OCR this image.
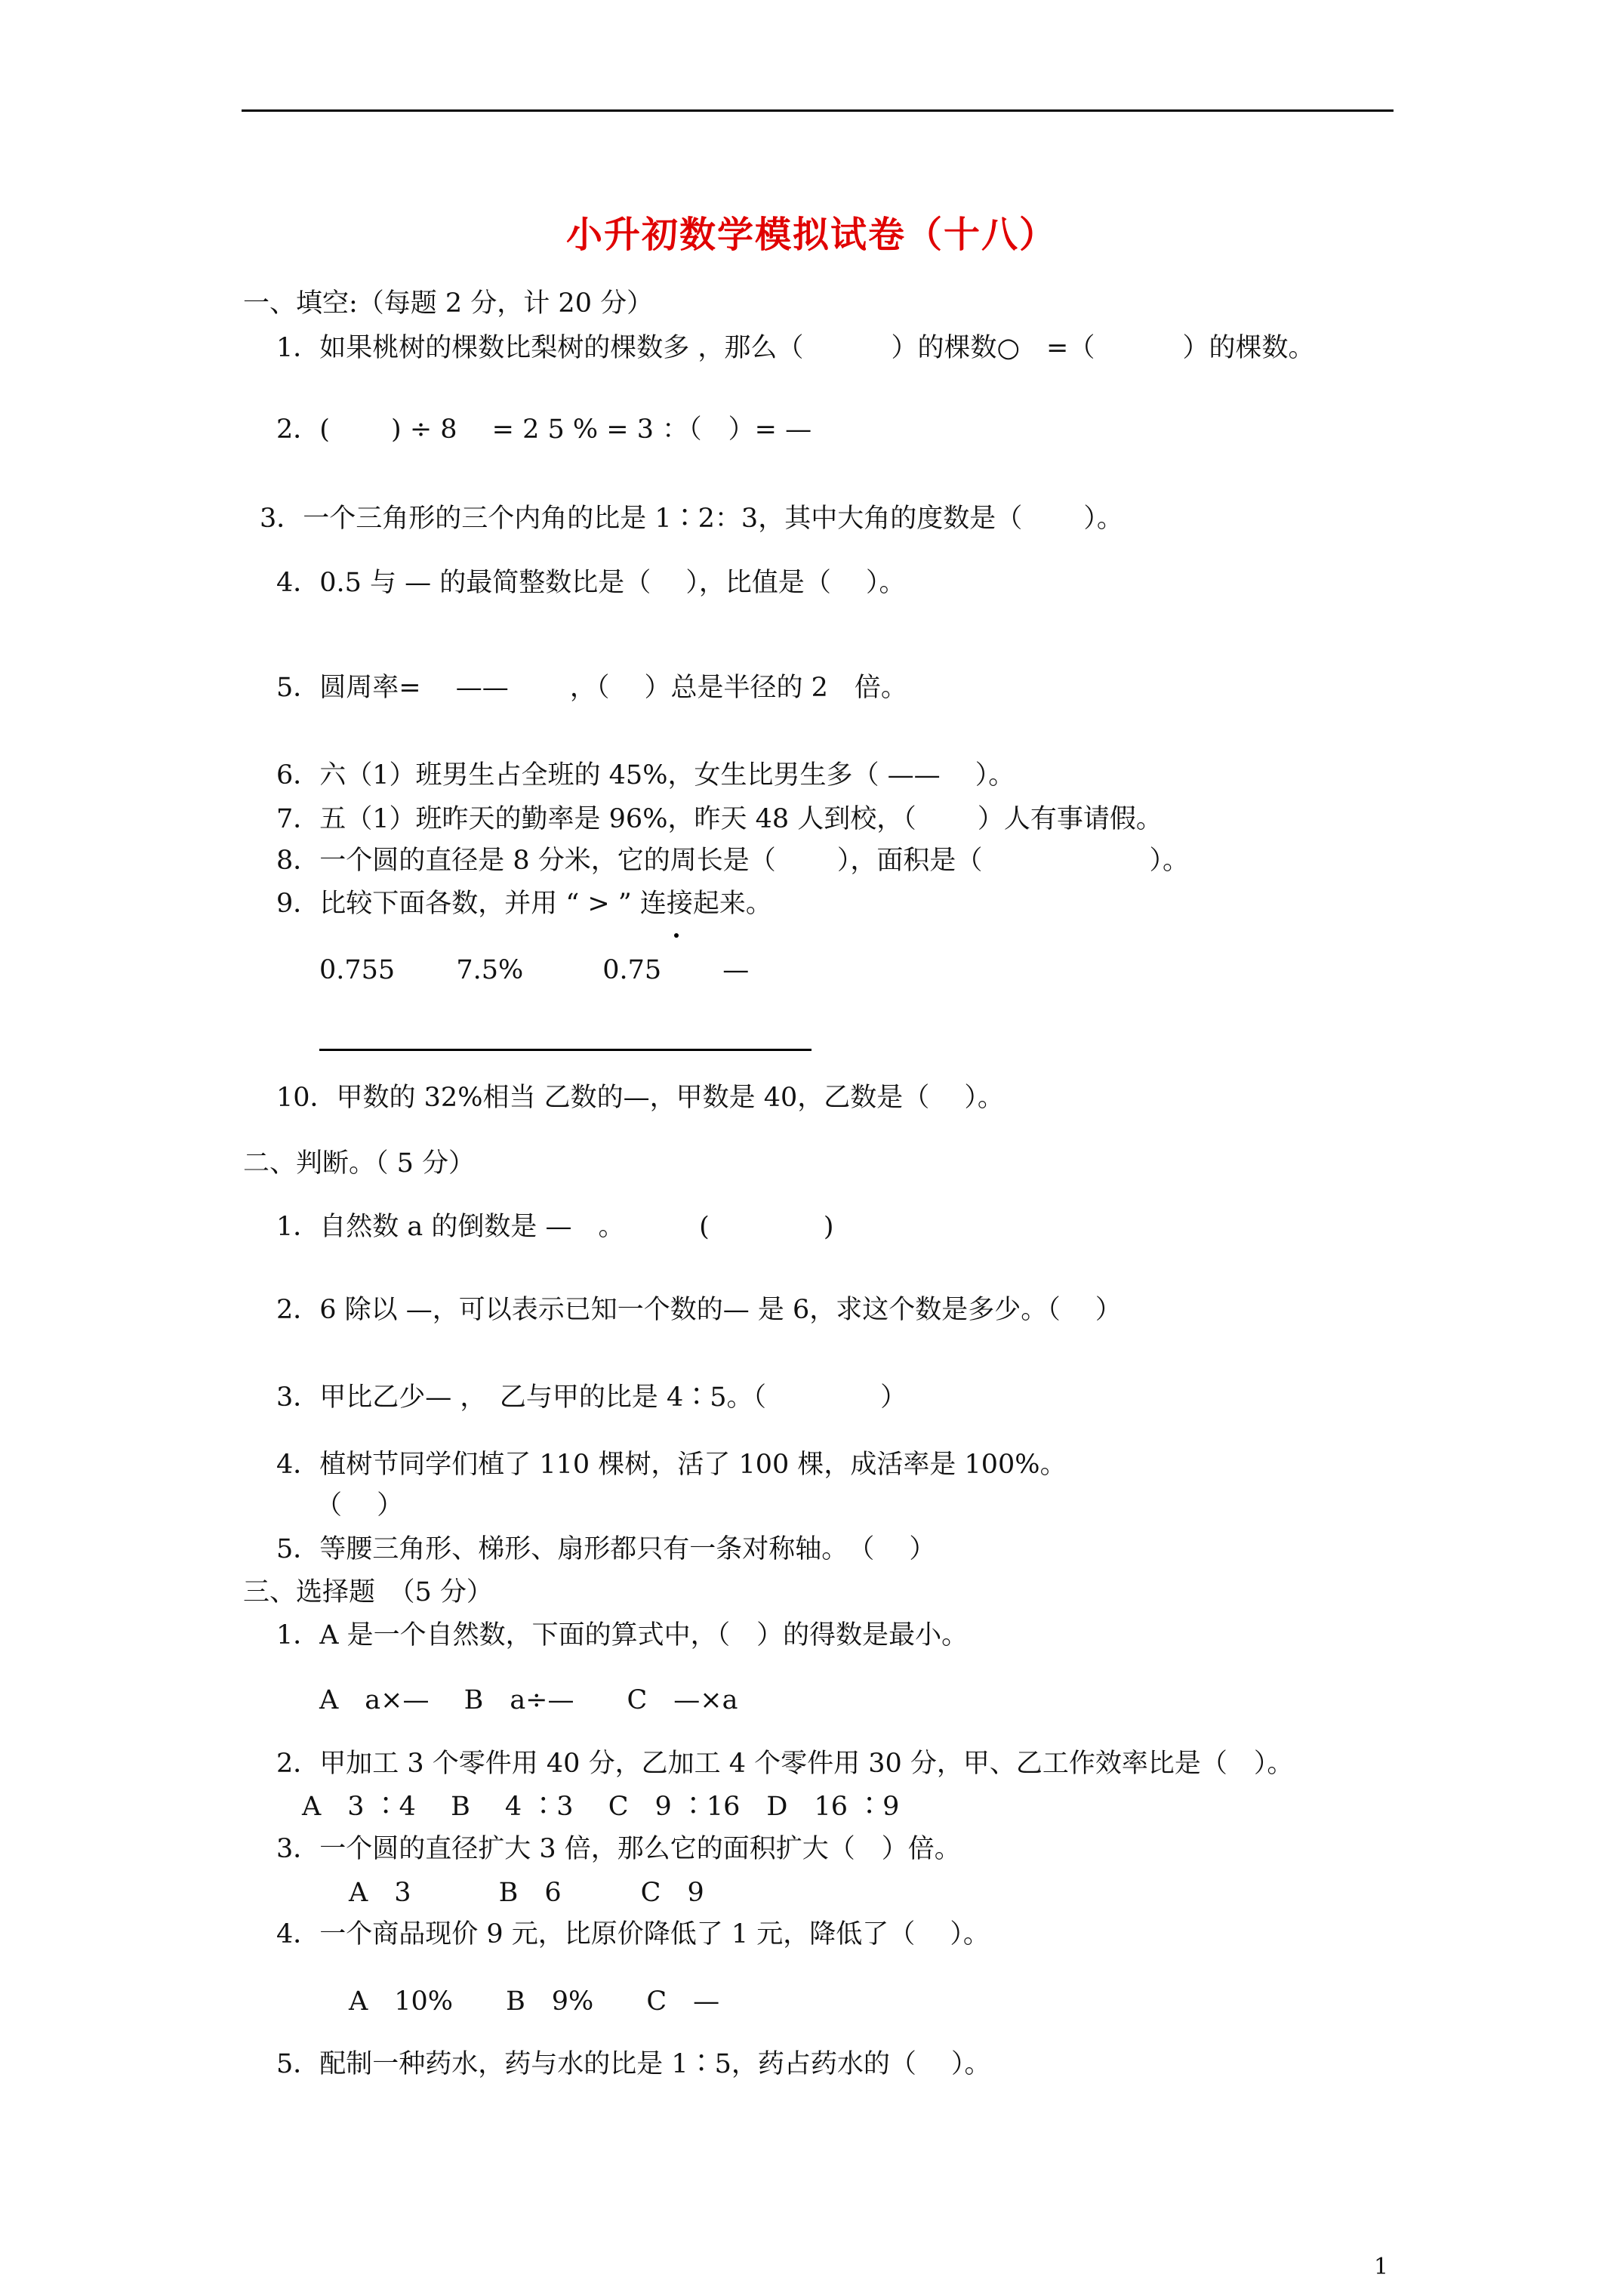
小升初数学模拟试卷（十八）
一、填空:（每题 2 分，计 20 分）
1．如果桃树的棵数比梨树的棵数多 ，那么（　　　 ）的棵数○　=（　　　 ）的棵数。
2．(　　 ) ÷ 8　 = 2 5 % = 3 ：（　）= —
3．一个三角形的三个内角的比是 1∶2：3，其中大角的度数是（　　 ）。
4．0.5 与 — 的最简整数比是（　 ），比值是（　 ）。
5．圆周率=　 ——　　 ，（　 ）总是半径的 2　倍。
6．六（1）班男生占全班的 45%，女生比男生多（ ——　 ）。
7．五（1）班昨天的勤率是 96%，昨天 48 人到校，（　　 ）人有事请假。
8．一个圆的直径是 8 分米，它的周长是（　　 ），面积是（　　　　　　 ）。
9．比较下面各数，并用 “ > ” 连接起来。
0.755　　 7.5%　　　0.75　　 —
10．甲数的 32%相当 乙数的—，甲数是 40，乙数是（　 ）。
二、判断。（ 5 分）
1．自然数 a 的倒数是 —　。　　　 (　　　　 )
2．6 除以 —，可以表示已知一个数的— 是 6，求这个数是多少。（　 ）
3．甲比乙少— ，　乙与甲的比是 4∶5。（　　　　 ）
4．植树节同学们植了 110 棵树，活了 100 棵，成活率是 100%。
（　 ）
5．等腰三角形、梯形、扇形都只有一条对称轴。　（　 ）
三、选择题　（5 分）
1．A 是一个自然数，下面的算式中，（　）的得数是最小。
A　a×—　 B　a÷—　　C　—×a
2．甲加工 3 个零件用 40 分，乙加工 4 个零件用 30 分，甲、乙工作效率比是（　）。
A　3 ∶4　 B　 4 ∶3　 C　9 ∶16　D　16 ∶9
3．一个圆的直径扩大 3 倍，那么它的面积扩大（　）倍。
A　3　　　 B　6　　　C　9
4．一个商品现价 9 元，比原价降低了 1 元，降低了（　 ）。
A　10%　　B　9%　　C　—
5．配制一种药水，药与水的比是 1∶5，药占药水的（　 ）。
1
